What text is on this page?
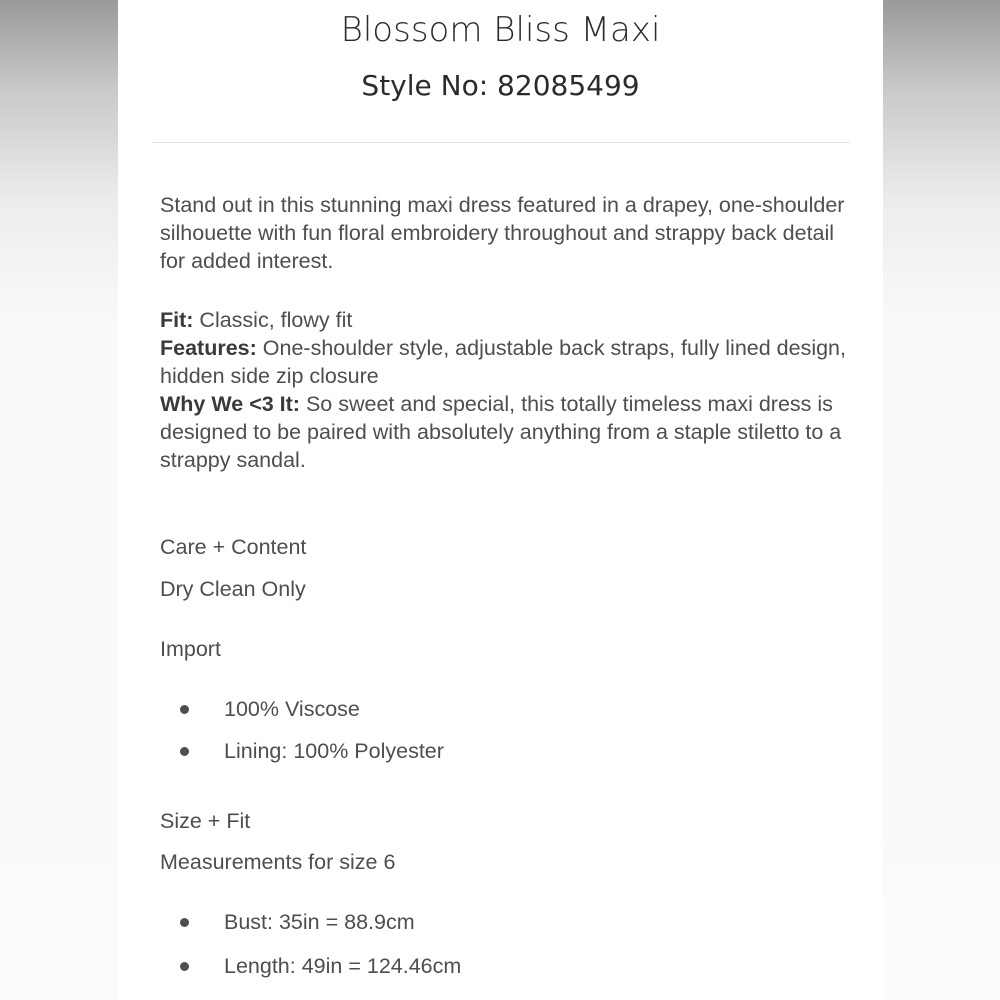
Blossom Bliss Maxi
Style No: 82085499

Stand out in this stunning maxi dress featured in a drapey, one-shoulder silhouette with fun floral embroidery throughout and strappy back detail for added interest.

Fit: Classic, flowy fit

Features: One-shoulder style, adjustable back straps, fully lined design, hidden side zip closure

Why We <3 It: So sweet and special, this totally timeless maxi dress is designed to be paired with absolutely anything from a staple stiletto to a strappy sandal.

Care + Content
Dry Clean Only
Import
100% Viscose
Lining: 100% Polyester
Size + Fit
Measurements for size 6
Bust: 35in = 88.9cm
Length: 49in = 124.46cm
